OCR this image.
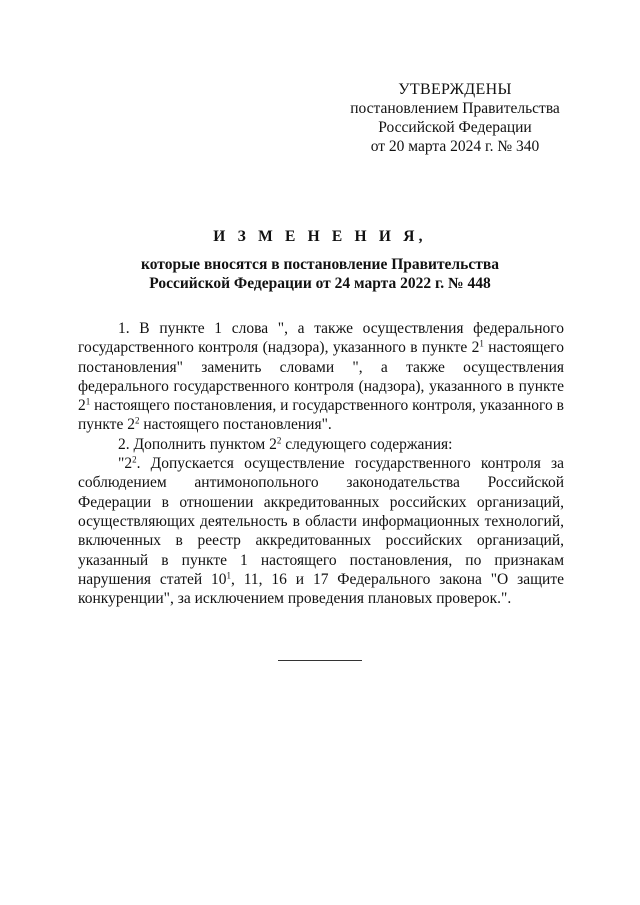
УТВЕРЖДЕНЫ
постановлением Правительства
Российской Федерации
от 20 марта 2024 г. № 340
И З М Е Н Е Н И Я,
которые вносятся в постановление Правительства
Российской Федерации от 24 марта 2022 г. № 448

1. В пункте 1 слова ", а также осуществления федерального государственного контроля (надзора), указанного в пункте $2^1$ настоящего постановления" заменить словами ", а также осуществления федерального государственного контроля (надзора), указанного в пункте $2^1$ настоящего постановления, и государственного контроля, указанного в пункте $2^2$ настоящего постановления".

2. Дополнить пунктом $2^2$ следующего содержания:

"$2^2$. Допускается осуществление государственного контроля за соблюдением антимонопольного законодательства Российской Федерации в отношении аккредитованных российских организаций, осуществляющих деятельность в области информационных технологий, включенных в реестр аккредитованных российских организаций, указанный в пункте 1 настоящего постановления, по признакам нарушения статей $10^1$, 11, 16 и 17 Федерального закона "О защите конкуренции", за исключением проведения плановых проверок.".
